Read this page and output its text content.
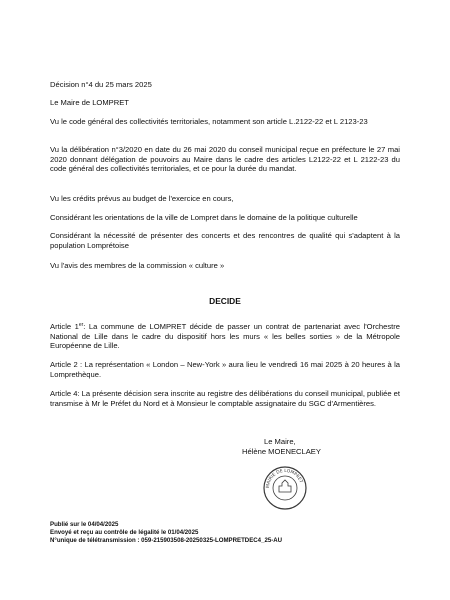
Décision n°4 du 25 mars 2025

Le Maire de LOMPRET

Vu le code général des collectivités territoriales, notamment son article L.2122-22 et L 2123-23

Vu la délibération n°3/2020 en date du 26 mai 2020 du conseil municipal reçue en préfecture le 27 mai 2020 donnant délégation de pouvoirs au Maire dans le cadre des articles L2122-22 et L 2122-23 du code général des collectivités territoriales, et ce pour la durée du mandat.

Vu les crédits prévus au budget de l'exercice en cours,

Considérant les orientations de la ville de Lompret dans le domaine de la politique culturelle

Considérant la nécessité de présenter des concerts et des rencontres de qualité qui s'adaptent à la population Lomprétoise

Vu l'avis des membres de la commission « culture »

DECIDE

Article 1er: La commune de LOMPRET décide de passer un contrat de partenariat avec l'Orchestre National de Lille dans le cadre du dispositif hors les murs « les belles sorties » de la Métropole Européenne de Lille.

Article 2 : La représentation « London – New-York » aura lieu le vendredi 16 mai 2025 à 20 heures à la Lomprethèque.

Article 4: La présente décision sera inscrite au registre des délibérations du conseil municipal, publiée et transmise à Mr le Préfet du Nord et à Monsieur le comptable assignataire du SGC d'Armentières.

Le Maire,
Hélène MOENECLAEY
MAIRIE DE LOMPRET
Publié sur le 04/04/2025
Envoyé et reçu au contrôle de légalité le 01/04/2025
N°unique de télétransmission : 059-215903508-20250325-LOMPRETDEC4_25-AU
